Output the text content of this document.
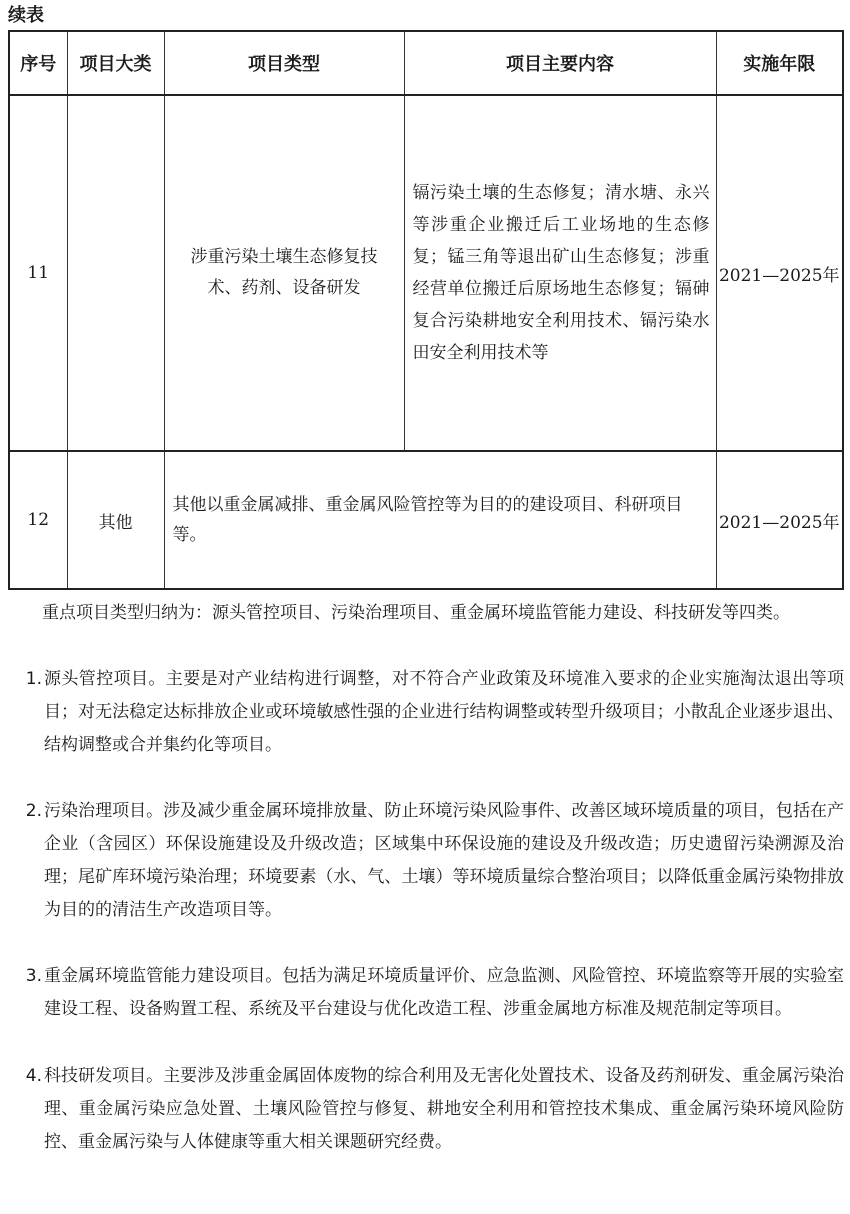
续表
序号	项目大类	项目类型	项目主要内容	实施年限
11		涉重污染土壤生态修复技术、药剂、设备研发	镉污染土壤的生态修复；清水塘、永兴等涉重企业搬迁后工业场地的生态修复；锰三角等退出矿山生态修复；涉重经营单位搬迁后原场地生态修复；镉砷复合污染耕地安全利用技术、镉污染水田安全利用技术等	2021—2025年
12	其他	其他以重金属减排、重金属风险管控等为目的的建设项目、科研项目等。		2021—2025年
重点项目类型归纳为：源头管控项目、污染治理项目、重金属环境监管能力建设、科技研发等四类。
1. 源头管控项目。主要是对产业结构进行调整，对不符合产业政策及环境准入要求的企业实施淘汰退出等项目；对无法稳定达标排放企业或环境敏感性强的企业进行结构调整或转型升级项目；小散乱企业逐步退出、结构调整或合并集约化等项目。
2. 污染治理项目。涉及减少重金属环境排放量、防止环境污染风险事件、改善区域环境质量的项目，包括在产企业（含园区）环保设施建设及升级改造；区域集中环保设施的建设及升级改造；历史遗留污染溯源及治理；尾矿库环境污染治理；环境要素（水、气、土壤）等环境质量综合整治项目；以降低重金属污染物排放为目的的清洁生产改造项目等。
3. 重金属环境监管能力建设项目。包括为满足环境质量评价、应急监测、风险管控、环境监察等开展的实验室建设工程、设备购置工程、系统及平台建设与优化改造工程、涉重金属地方标准及规范制定等项目。
4. 科技研发项目。主要涉及涉重金属固体废物的综合利用及无害化处置技术、设备及药剂研发、重金属污染治理、重金属污染应急处置、土壤风险管控与修复、耕地安全利用和管控技术集成、重金属污染环境风险防控、重金属污染与人体健康等重大相关课题研究经费。
